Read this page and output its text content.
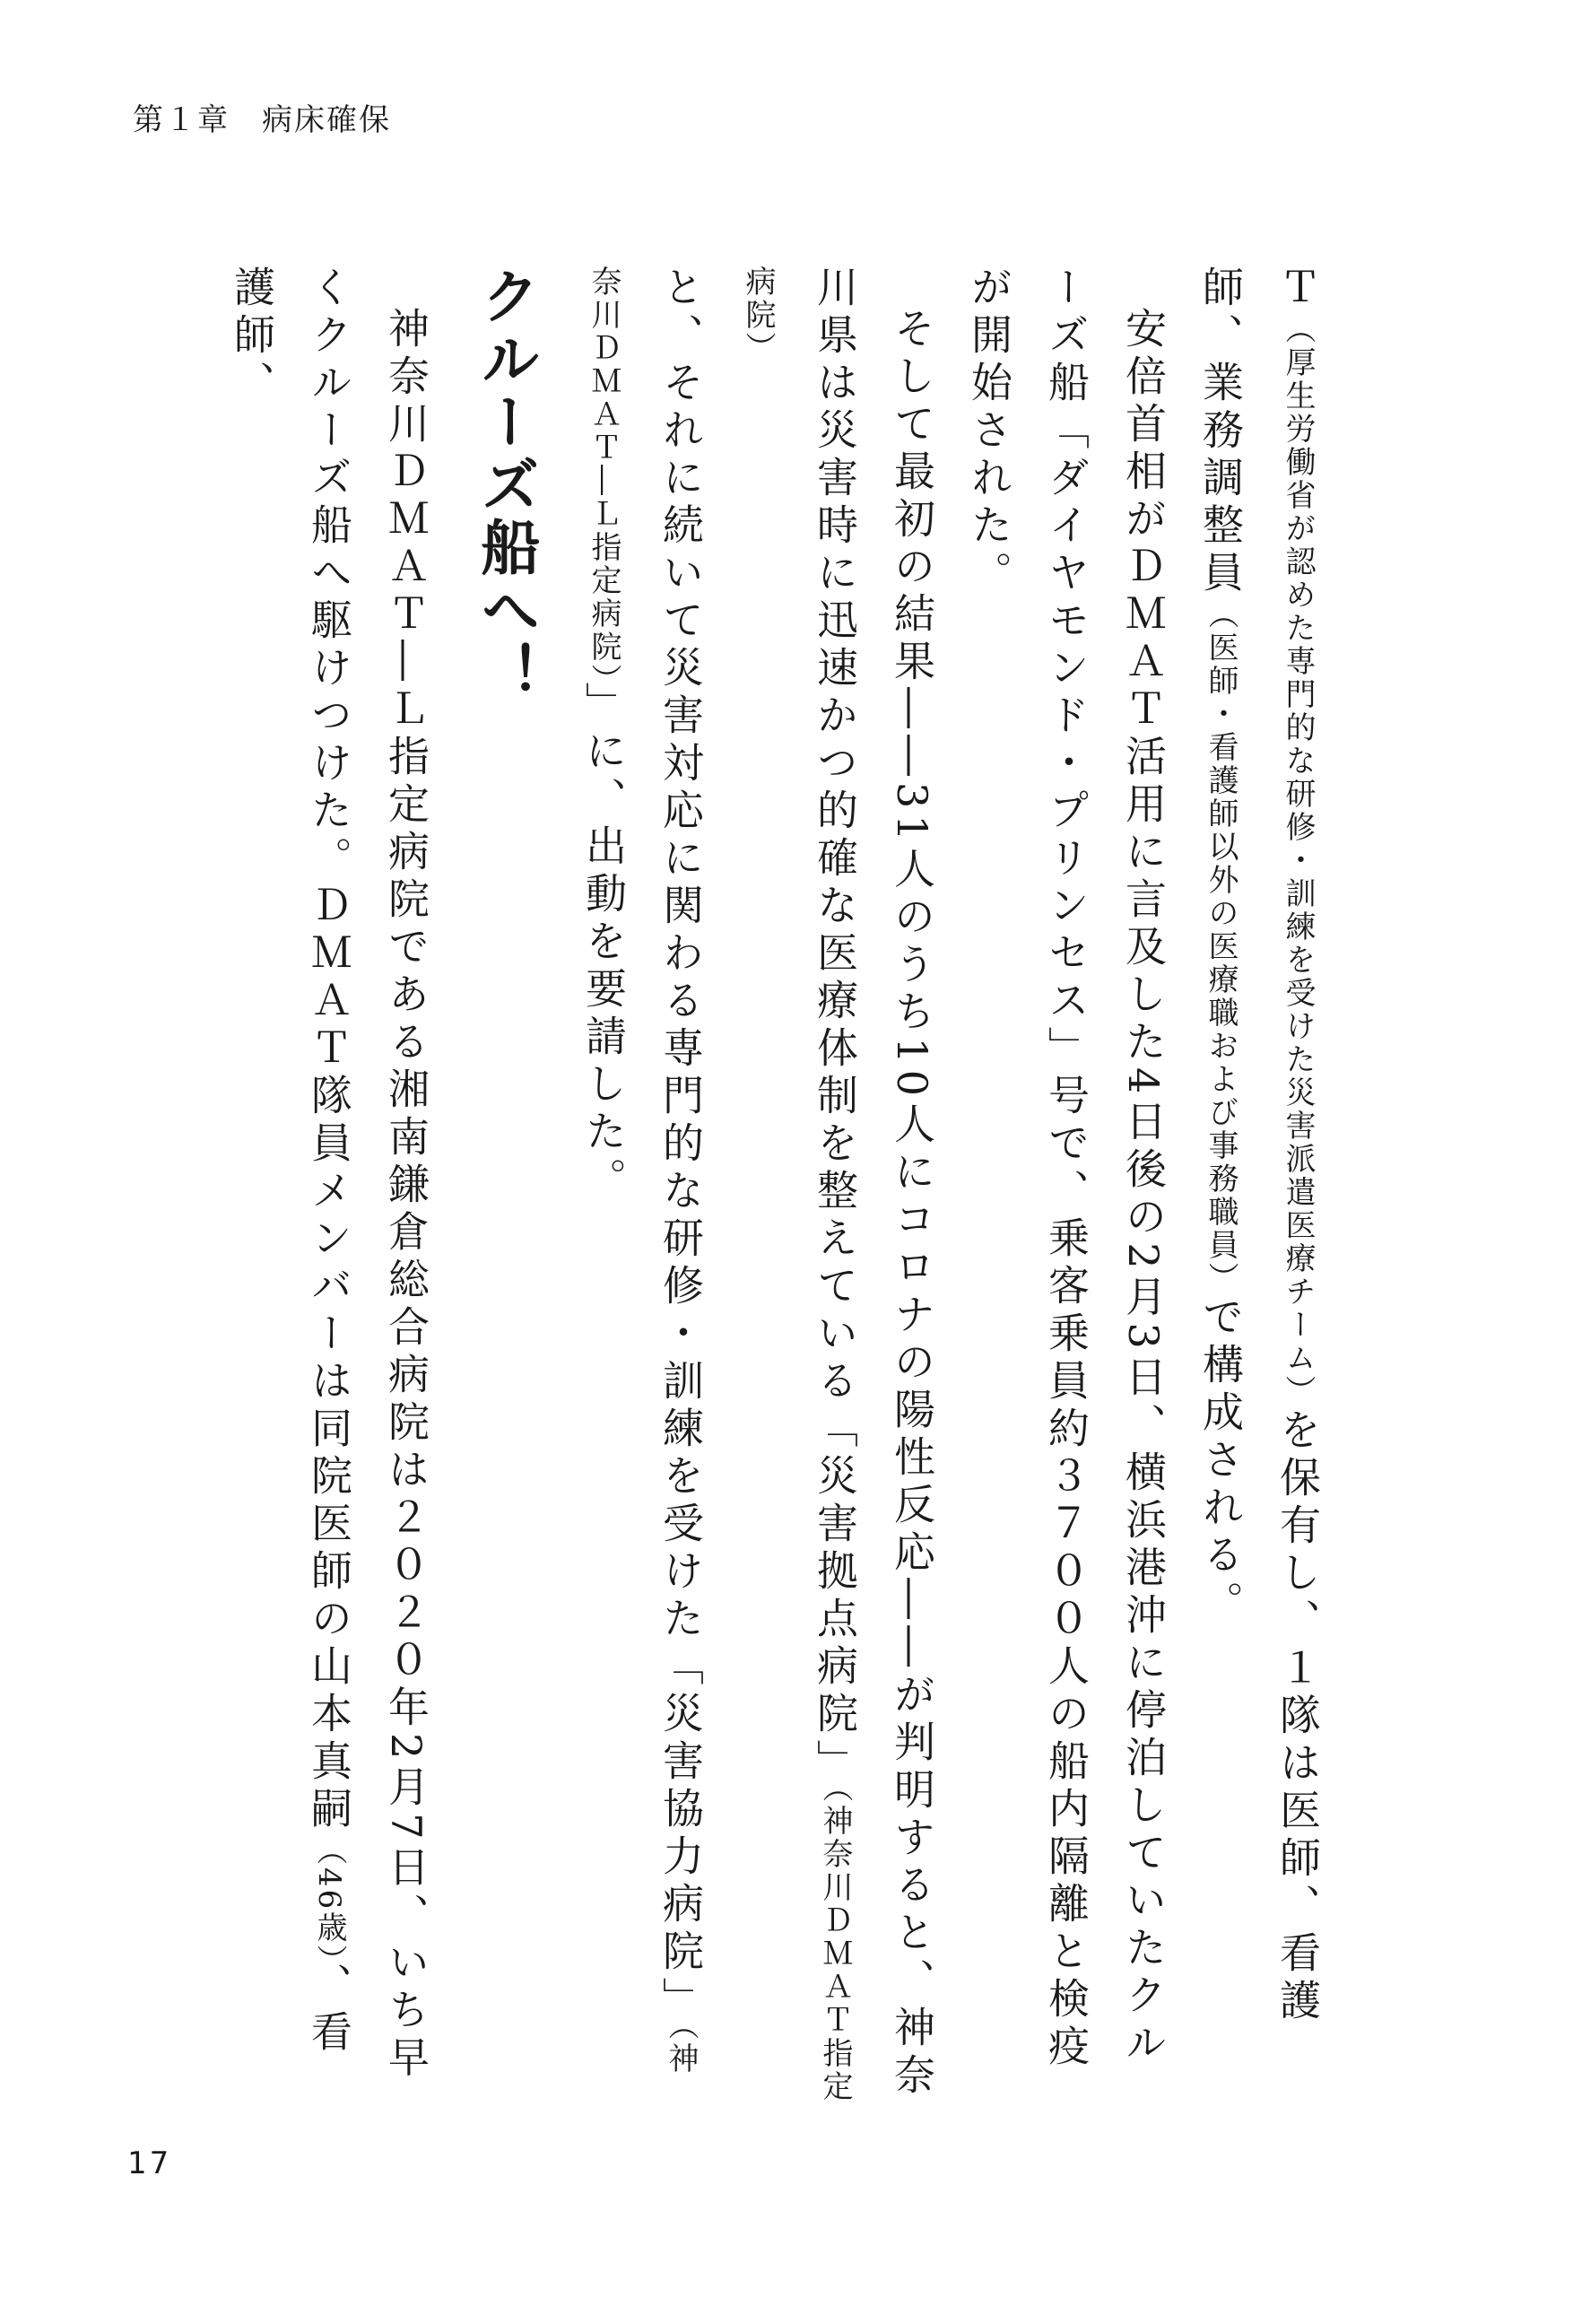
第１章 病床確保

Ｔ（厚生労働省が認めた専門的な研修・訓練を受けた災害派遣医療チーム）を保有し、１隊は医師、看護師、業務調整員（医師・看護師以外の医療職および事務職員）で構成される。

安倍首相がＤＭＡＴ活用に言及した4日後の2月3日、横浜港沖に停泊していたクルーズ船「ダイヤモンド・プリンセス」号で、乗客乗員約３７００人の船内隔離と検疫が開始された。

そして最初の結果――31人のうち10人にコロナの陽性反応――が判明すると、神奈川県は災害時に迅速かつ的確な医療体制を整えている「災害拠点病院」（神奈川ＤＭＡＴ指定病院）と、それに続いて災害対応に関わる専門的な研修・訓練を受けた「災害協力病院」（神奈川ＤＭＡＴ―Ｌ指定病院）」に、出動を要請した。

クルーズ船へ！

神奈川ＤＭＡＴ―Ｌ指定病院である湘南鎌倉総合病院は２０２０年2月7日、いち早くクルーズ船へ駆けつけた。ＤＭＡＴ隊員メンバーは同院医師の山本真嗣（46歳）、看護師、

17
